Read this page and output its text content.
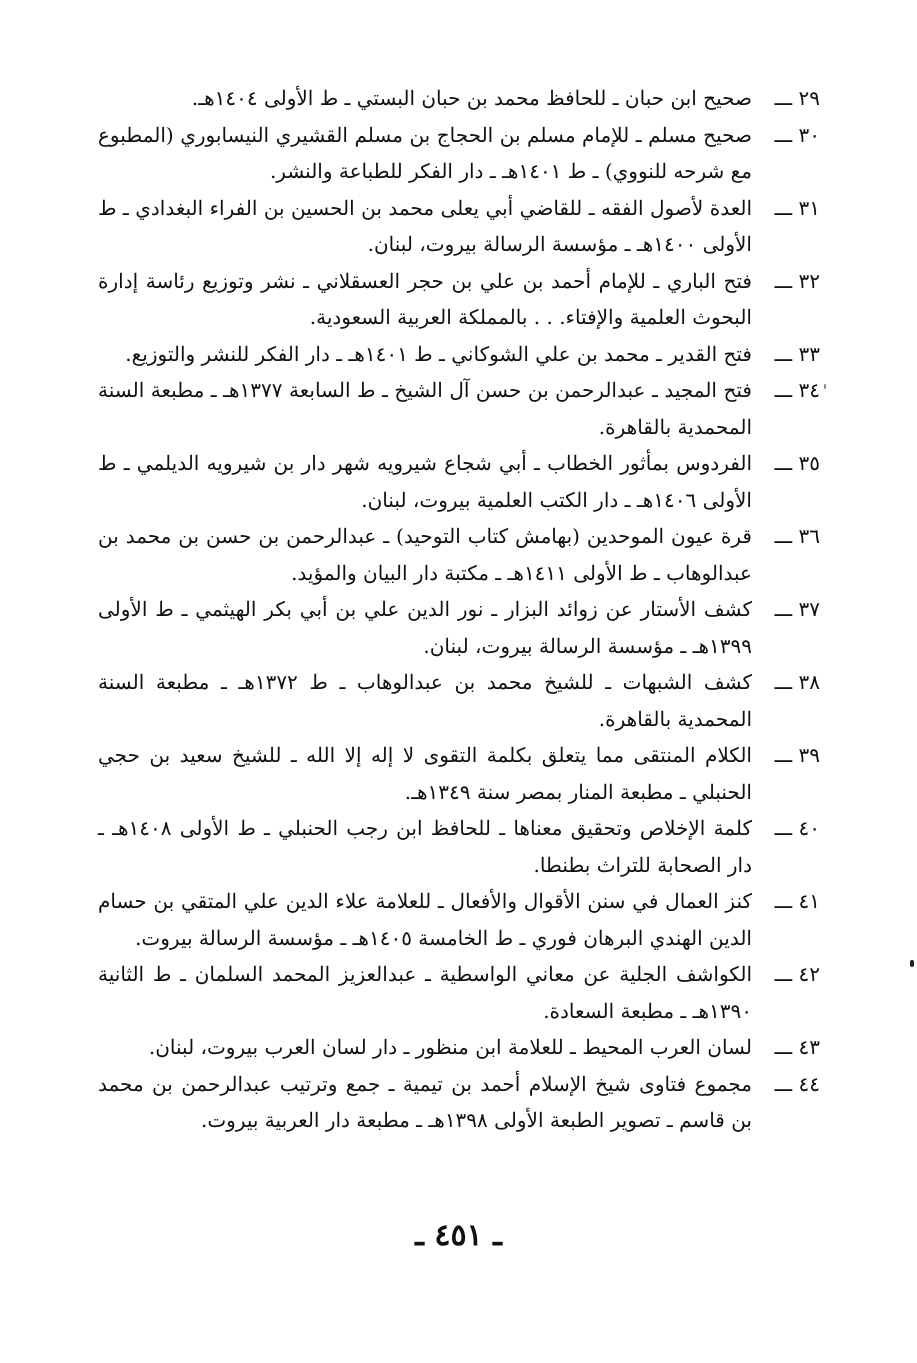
٢٩ ـــ
صحيح ابن حبان ـ للحافظ محمد بن حبان البستي ـ ط الأولى ١٤٠٤هـ.
٣٠ ـــ
صحيح مسلم ـ للإمام مسلم بن الحجاج بن مسلم القشيري النيسابوري (المطبوع مع شرحه للنووي) ـ ط ١٤٠١هـ ـ دار الفكر للطباعة والنشر.
٣١ ـــ
العدة لأصول الفقه ـ للقاضي أبي يعلى محمد بن الحسين بن الفراء البغدادي ـ ط الأولى ١٤٠٠هـ ـ مؤسسة الرسالة بيروت، لبنان.
٣٢ ـــ
فتح الباري ـ للإمام أحمد بن علي بن حجر العسقلاني ـ نشر وتوزيع رئاسة إدارة البحوث العلمية والإفتاء. . . بالمملكة العربية السعودية.
٣٣ ـــ
فتح القدير ـ محمد بن علي الشوكاني ـ ط ١٤٠١هـ ـ دار الفكر للنشر والتوزيع.
٣٤ ـــ
فتح المجيد ـ عبدالرحمن بن حسن آل الشيخ ـ ط السابعة ١٣٧٧هـ ـ مطبعة السنة المحمدية بالقاهرة.
٣٥ ـــ
الفردوس بمأثور الخطاب ـ أبي شجاع شيرويه شهر دار بن شيرويه الديلمي ـ ط الأولى ١٤٠٦هـ ـ دار الكتب العلمية بيروت، لبنان.
٣٦ ـــ
قرة عيون الموحدين (بهامش كتاب التوحيد) ـ عبدالرحمن بن حسن بن محمد بن عبدالوهاب ـ ط الأولى ١٤١١هـ ـ مكتبة دار البيان والمؤيد.
٣٧ ـــ
كشف الأستار عن زوائد البزار ـ نور الدين علي بن أبي بكر الهيثمي ـ ط الأولى ١٣٩٩هـ ـ مؤسسة الرسالة بيروت، لبنان.
٣٨ ـــ
كشف الشبهات ـ للشيخ محمد بن عبدالوهاب ـ ط ١٣٧٢هـ ـ مطبعة السنة المحمدية بالقاهرة.
٣٩ ـــ
الكلام المنتقى مما يتعلق بكلمة التقوى لا إله إلا الله ـ للشيخ سعيد بن حجي الحنبلي ـ مطبعة المنار بمصر سنة ١٣٤٩هـ.
٤٠ ـــ
كلمة الإخلاص وتحقيق معناها ـ للحافظ ابن رجب الحنبلي ـ ط الأولى ١٤٠٨هـ ـ دار الصحابة للتراث بطنطا.
٤١ ـــ
كنز العمال في سنن الأقوال والأفعال ـ للعلامة علاء الدين علي المتقي بن حسام الدين الهندي البرهان فوري ـ ط الخامسة ١٤٠٥هـ ـ مؤسسة الرسالة بيروت.
٤٢ ـــ
الكواشف الجلية عن معاني الواسطية ـ عبدالعزيز المحمد السلمان ـ ط الثانية ١٣٩٠هـ ـ مطبعة السعادة.
٤٣ ـــ
لسان العرب المحيط ـ للعلامة ابن منظور ـ دار لسان العرب بيروت، لبنان.
٤٤ ـــ
مجموع فتاوى شيخ الإسلام أحمد بن تيمية ـ جمع وترتيب عبدالرحمن بن محمد بن قاسم ـ تصوير الطبعة الأولى ١٣٩٨هـ ـ مطبعة دار العربية بيروت.
ـ ٤٥١ ـ
